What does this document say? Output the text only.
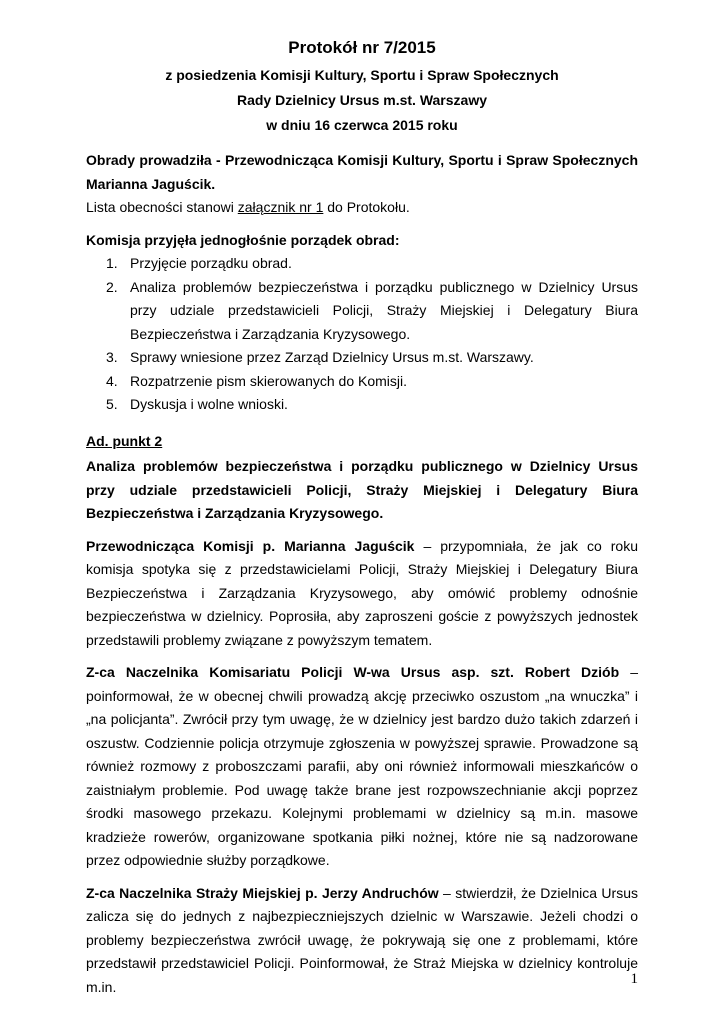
Protokół nr 7/2015
z posiedzenia Komisji Kultury, Sportu i Spraw Społecznych
Rady Dzielnicy Ursus m.st. Warszawy
w dniu 16 czerwca 2015 roku

Obrady prowadziła - Przewodnicząca Komisji Kultury, Sportu i Spraw Społecznych Marianna Jaguścik.

Lista obecności stanowi załącznik nr 1 do Protokołu.

Komisja przyjęła jednogłośnie porządek obrad:

1. Przyjęcie porządku obrad.
2. Analiza problemów bezpieczeństwa i porządku publicznego w Dzielnicy Ursus przy udziale przedstawicieli Policji, Straży Miejskiej i Delegatury Biura Bezpieczeństwa i Zarządzania Kryzysowego.
3. Sprawy wniesione przez Zarząd Dzielnicy Ursus m.st. Warszawy.
4. Rozpatrzenie pism skierowanych do Komisji.
5. Dyskusja i wolne wnioski.

Ad. punkt 2

Analiza problemów bezpieczeństwa i porządku publicznego w Dzielnicy Ursus przy udziale przedstawicieli Policji, Straży Miejskiej i Delegatury Biura Bezpieczeństwa i Zarządzania Kryzysowego.

Przewodnicząca Komisji p. Marianna Jaguścik – przypomniała, że jak co roku komisja spotyka się z przedstawicielami Policji, Straży Miejskiej i Delegatury Biura Bezpieczeństwa i Zarządzania Kryzysowego, aby omówić problemy odnośnie bezpieczeństwa w dzielnicy. Poprosiła, aby zaproszeni goście z powyższych jednostek przedstawili problemy związane z powyższym tematem.

Z-ca Naczelnika Komisariatu Policji W-wa Ursus asp. szt. Robert Dziób –poinformował, że w obecnej chwili prowadzą akcję przeciwko oszustom „na wnuczka” i „na policjanta”. Zwrócił przy tym uwagę, że w dzielnicy jest bardzo dużo takich zdarzeń i oszustw. Codziennie policja otrzymuje zgłoszenia w powyższej sprawie. Prowadzone są również rozmowy z proboszczami parafii, aby oni również informowali mieszkańców o zaistniałym problemie. Pod uwagę także brane jest rozpowszechnianie akcji poprzez środki masowego przekazu. Kolejnymi problemami w dzielnicy są m.in. masowe kradzieże rowerów, organizowane spotkania piłki nożnej, które nie są nadzorowane przez odpowiednie służby porządkowe.

Z-ca Naczelnika Straży Miejskiej p. Jerzy Andruchów – stwierdził, że Dzielnica Ursus zalicza się do jednych z najbezpieczniejszych dzielnic w Warszawie. Jeżeli chodzi o problemy bezpieczeństwa zwrócił uwagę, że pokrywają się one z problemami, które przedstawił przedstawiciel Policji. Poinformował, że Straż Miejska w dzielnicy kontroluje m.in.	1
